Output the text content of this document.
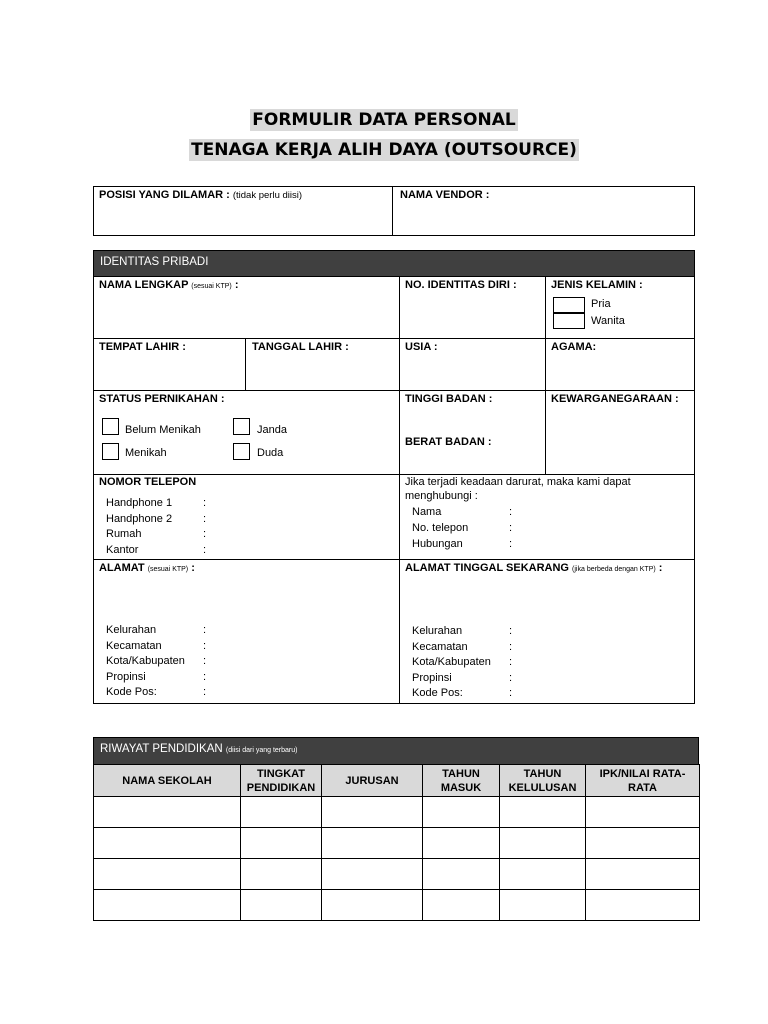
FORMULIR DATA PERSONAL
TENAGA KERJA ALIH DAYA (OUTSOURCE)
POSISI YANG DILAMAR : (tidak perlu diisi)	NAMA VENDOR :
IDENTITAS PRIBADI
NAMA LENGKAP (sesuai KTP) :	NO. IDENTITAS DIRI :	JENIS KELAMIN :
Pria
Wanita
TEMPAT LAHIR :	TANGGAL LAHIR :	USIA :	AGAMA:
STATUS PERNIKAHAN :
Belum Menikah	Janda
Menikah	Duda
TINGGI BADAN :
BERAT BADAN :
KEWARGANEGARAAN :
NOMOR TELEPON
Handphone 1	:
Handphone 2	:
Rumah	:
Kantor	:
Jika terjadi keadaan darurat, maka kami dapat
menghubungi :
Nama	:
No. telepon	:
Hubungan	:
ALAMAT (sesuai KTP) :
Kelurahan	:
Kecamatan	:
Kota/Kabupaten :
Propinsi	:
Kode Pos:	:
ALAMAT TINGGAL SEKARANG (jika berbeda dengan KTP) :
Kelurahan	:
Kecamatan	:
Kota/Kabupaten :
Propinsi	:
Kode Pos:	:
RIWAYAT PENDIDIKAN (diisi dari yang terbaru)
NAMA SEKOLAH	TINGKAT PENDIDIKAN	JURUSAN	TAHUN MASUK	TAHUN KELULUSAN	IPK/NILAI RATA-RATA
